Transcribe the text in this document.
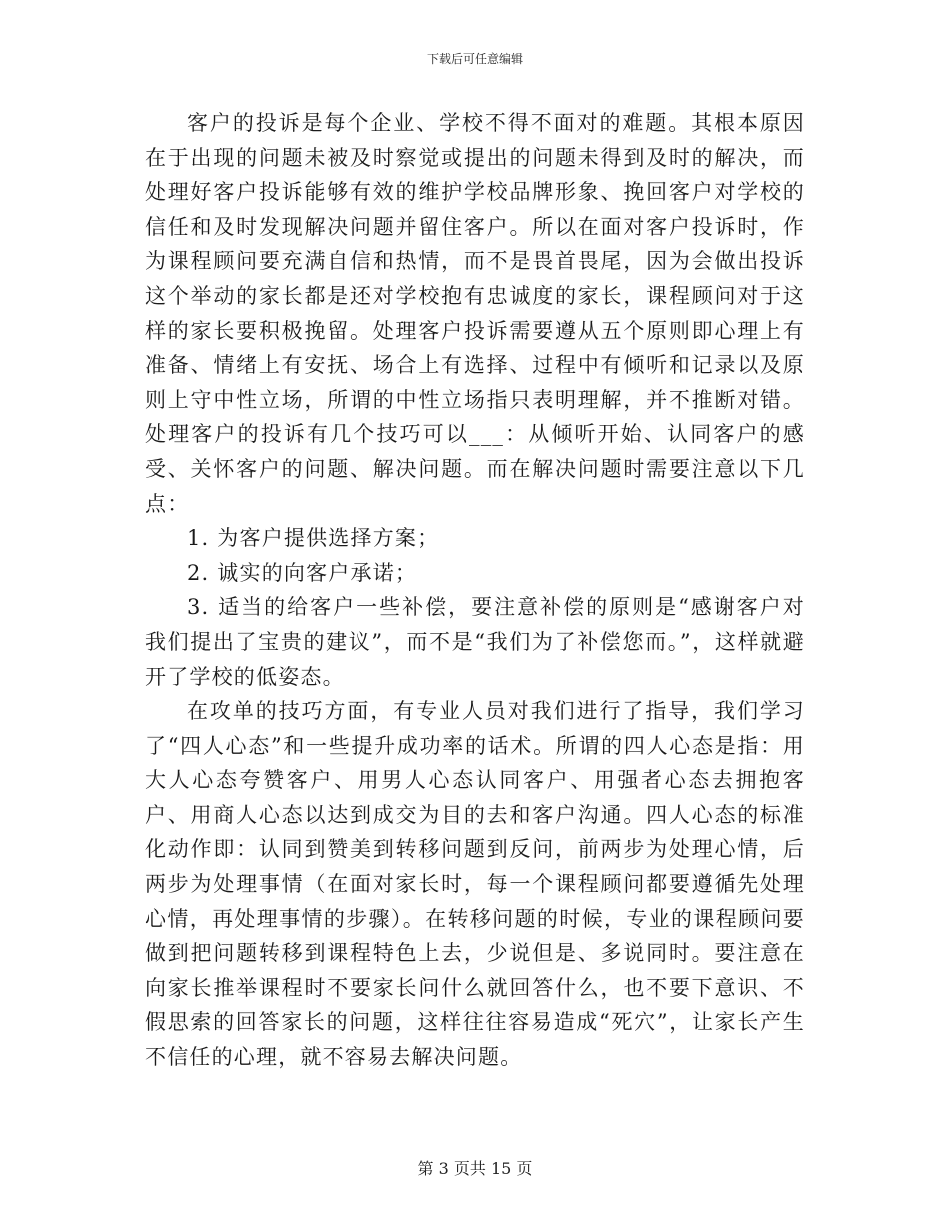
下载后可任意编辑

客户的投诉是每个企业、学校不得不面对的难题。其根本原因在于出现的问题未被及时察觉或提出的问题未得到及时的解决，而处理好客户投诉能够有效的维护学校品牌形象、挽回客户对学校的信任和及时发现解决问题并留住客户。所以在面对客户投诉时，作为课程顾问要充满自信和热情，而不是畏首畏尾，因为会做出投诉这个举动的家长都是还对学校抱有忠诚度的家长，课程顾问对于这样的家长要积极挽留。处理客户投诉需要遵从五个原则即心理上有准备、情绪上有安抚、场合上有选择、过程中有倾听和记录以及原则上守中性立场，所谓的中性立场指只表明理解，并不推断对错。处理客户的投诉有几个技巧可以___：从倾听开始、认同客户的感受、关怀客户的问题、解决问题。而在解决问题时需要注意以下几点：

1. 为客户提供选择方案；

2. 诚实的向客户承诺；

3. 适当的给客户一些补偿，要注意补偿的原则是“感谢客户对我们提出了宝贵的建议”，而不是“我们为了补偿您而。”，这样就避开了学校的低姿态。

在攻单的技巧方面，有专业人员对我们进行了指导，我们学习了“四人心态”和一些提升成功率的话术。所谓的四人心态是指：用大人心态夸赞客户、用男人心态认同客户、用强者心态去拥抱客户、用商人心态以达到成交为目的去和客户沟通。四人心态的标准化动作即：认同到赞美到转移问题到反问，前两步为处理心情，后两步为处理事情（在面对家长时，每一个课程顾问都要遵循先处理心情，再处理事情的步骤）。在转移问题的时候，专业的课程顾问要做到把问题转移到课程特色上去，少说但是、多说同时。要注意在向家长推举课程时不要家长问什么就回答什么，也不要下意识、不假思索的回答家长的问题，这样往往容易造成“死穴”，让家长产生不信任的心理，就不容易去解决问题。

第 3 页共 15 页
